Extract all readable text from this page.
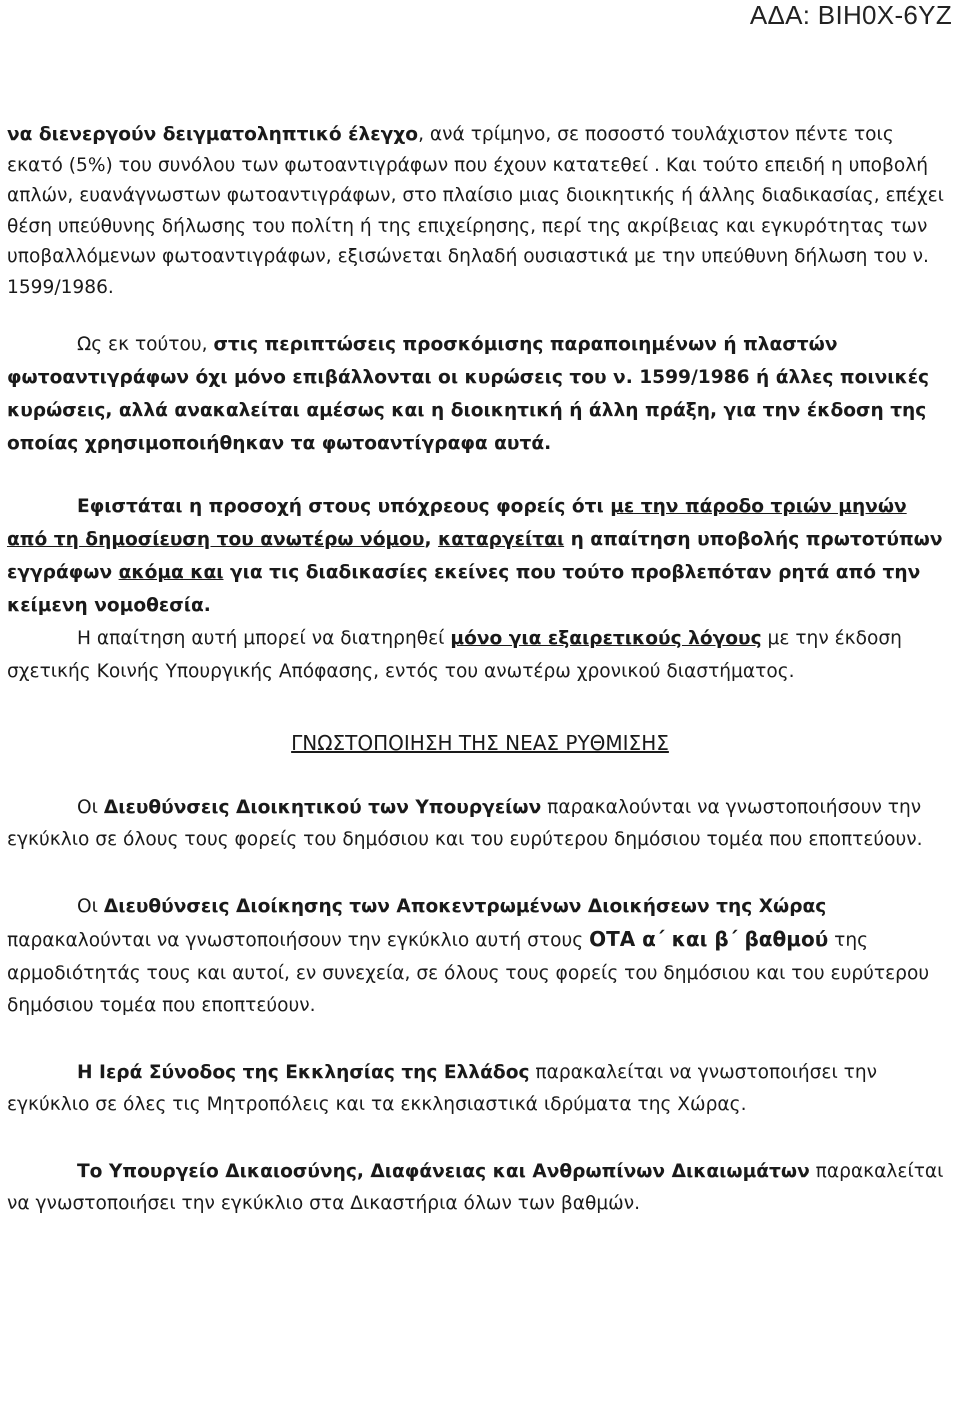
ΑΔΑ: ΒΙΗ0Χ-6ΥΖ

να διενεργούν δειγματοληπτικό έλεγχο, ανά τρίμηνο, σε ποσοστό τουλάχιστον πέντε τοις εκατό (5%) του συνόλου των φωτοαντιγράφων που έχουν κατατεθεί . Και τούτο επειδή η υποβολή απλών, ευανάγνωστων φωτοαντιγράφων, στο πλαίσιο μιας διοικητικής ή άλλης διαδικασίας, επέχει θέση υπεύθυνης δήλωσης του πολίτη ή της επιχείρησης, περί της ακρίβειας και εγκυρότητας των υποβαλλόμενων φωτοαντιγράφων, εξισώνεται δηλαδή ουσιαστικά με την υπεύθυνη δήλωση του ν. 1599/1986.

Ως εκ τούτου, στις περιπτώσεις προσκόμισης παραποιημένων ή πλαστών φωτοαντιγράφων όχι μόνο επιβάλλονται οι κυρώσεις του ν. 1599/1986 ή άλλες ποινικές κυρώσεις, αλλά ανακαλείται αμέσως και η διοικητική ή άλλη πράξη, για την έκδοση της οποίας χρησιμοποιήθηκαν τα φωτοαντίγραφα αυτά.

Εφιστάται η προσοχή στους υπόχρεους φορείς ότι με την πάροδο τριών μηνών από τη δημοσίευση του ανωτέρω νόμου, καταργείται η απαίτηση υποβολής πρωτοτύπων εγγράφων ακόμα και για τις διαδικασίες εκείνες που τούτο προβλεπόταν ρητά από την κείμενη νομοθεσία.

Η απαίτηση αυτή μπορεί να διατηρηθεί μόνο για εξαιρετικούς λόγους με την έκδοση σχετικής Κοινής Υπουργικής Απόφασης, εντός του ανωτέρω χρονικού διαστήματος.

ΓΝΩΣΤΟΠΟΙΗΣΗ ΤΗΣ ΝΕΑΣ ΡΥΘΜΙΣΗΣ

Οι Διευθύνσεις Διοικητικού των Υπουργείων παρακαλούνται να γνωστοποιήσουν την εγκύκλιο σε όλους τους φορείς του δημόσιου και του ευρύτερου δημόσιου τομέα που εποπτεύουν.

Οι Διευθύνσεις Διοίκησης των Αποκεντρωμένων Διοικήσεων της Χώρας παρακαλούνται να γνωστοποιήσουν την εγκύκλιο αυτή στους ΟΤΑ α΄ και β΄ βαθμού της αρμοδιότητάς τους και αυτοί, εν συνεχεία, σε όλους τους φορείς του δημόσιου και του ευρύτερου δημόσιου τομέα που εποπτεύουν.

Η Ιερά Σύνοδος της Εκκλησίας της Ελλάδος παρακαλείται να γνωστοποιήσει την εγκύκλιο σε όλες τις Μητροπόλεις και τα εκκλησιαστικά ιδρύματα της Χώρας.

Το Υπουργείο Δικαιοσύνης, Διαφάνειας και Ανθρωπίνων Δικαιωμάτων παρακαλείται να γνωστοποιήσει την εγκύκλιο στα Δικαστήρια όλων των βαθμών.
